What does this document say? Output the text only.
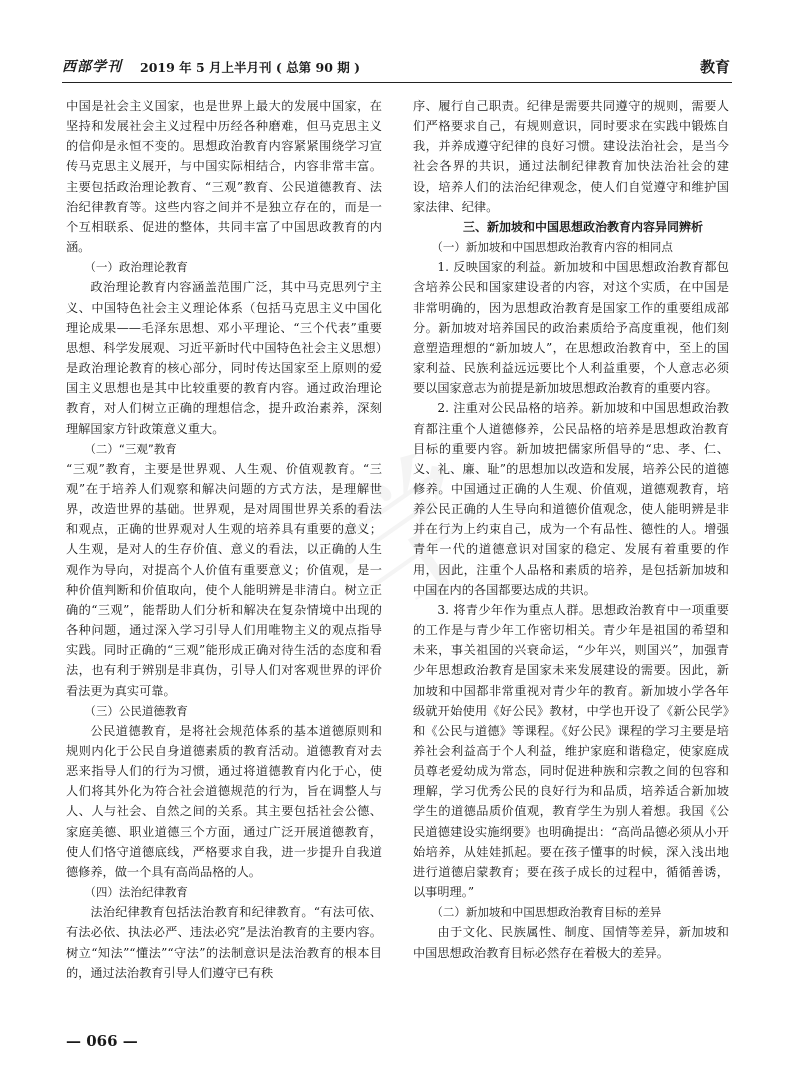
西部学刊 2019 年 5 月上半月刊 ( 总第 90 期 )	教育

中国是社会主义国家，也是世界上最大的发展中国家，在坚持和发展社会主义过程中历经各种磨难，但马克思主义的信仰是永恒不变的。思想政治教育内容紧紧围绕学习宣传马克思主义展开，与中国实际相结合，内容非常丰富。主要包括政治理论教育、“三观”教育、公民道德教育、法治纪律教育等。这些内容之间并不是独立存在的，而是一个互相联系、促进的整体，共同丰富了中国思政教育的内涵。

（一）政治理论教育

政治理论教育内容涵盖范围广泛，其中马克思列宁主义、中国特色社会主义理论体系（包括马克思主义中国化理论成果——毛泽东思想、邓小平理论、“三个代表”重要思想、科学发展观、习近平新时代中国特色社会主义思想）是政治理论教育的核心部分，同时传达国家至上原则的爱国主义思想也是其中比较重要的教育内容。通过政治理论教育，对人们树立正确的理想信念，提升政治素养，深刻理解国家方针政策意义重大。

（二）“三观”教育

“三观”教育，主要是世界观、人生观、价值观教育。“三观”在于培养人们观察和解决问题的方式方法，是理解世界，改造世界的基础。世界观，是对周围世界关系的看法和观点，正确的世界观对人生观的培养具有重要的意义；人生观，是对人的生存价值、意义的看法，以正确的人生观作为导向，对提高个人价值有重要意义；价值观，是一种价值判断和价值取向，使个人能明辨是非清白。树立正确的“三观”，能帮助人们分析和解决在复杂情境中出现的各种问题，通过深入学习引导人们用唯物主义的观点指导实践。同时正确的“三观”能形成正确对待生活的态度和看法，也有利于辨别是非真伪，引导人们对客观世界的评价看法更为真实可靠。

（三）公民道德教育

公民道德教育，是将社会规范体系的基本道德原则和规则内化于公民自身道德素质的教育活动。道德教育对去恶来指导人们的行为习惯，通过将道德教育内化于心，使人们将其外化为符合社会道德规范的行为，旨在调整人与人、人与社会、自然之间的关系。其主要包括社会公德、家庭美德、职业道德三个方面，通过广泛开展道德教育，使人们恪守道德底线，严格要求自我，进一步提升自我道德修养，做一个具有高尚品格的人。

（四）法治纪律教育

法治纪律教育包括法治教育和纪律教育。“有法可依、有法必依、执法必严、违法必究”是法治教育的主要内容。树立“知法”“懂法”“守法”的法制意识是法治教育的根本目的，通过法治教育引导人们遵守已有秩

序、履行自己职责。纪律是需要共同遵守的规则，需要人们严格要求自己，有规则意识，同时要求在实践中锻炼自我，并养成遵守纪律的良好习惯。建设法治社会，是当今社会各界的共识，通过法制纪律教育加快法治社会的建设，培养人们的法治纪律观念，使人们自觉遵守和维护国家法律、纪律。

三、新加坡和中国思想政治教育内容异同辨析

（一）新加坡和中国思想政治教育内容的相同点

1. 反映国家的利益。新加坡和中国思想政治教育都包含培养公民和国家建设者的内容，对这个实质，在中国是非常明确的，因为思想政治教育是国家工作的重要组成部分。新加坡对培养国民的政治素质给予高度重视，他们刻意塑造理想的“新加坡人”，在思想政治教育中，至上的国家利益、民族利益远远要比个人利益重要，个人意志必须要以国家意志为前提是新加坡思想政治教育的重要内容。

2. 注重对公民品格的培养。新加坡和中国思想政治教育都注重个人道德修养，公民品格的培养是思想政治教育目标的重要内容。新加坡把儒家所倡导的“忠、孝、仁、义、礼、廉、耻”的思想加以改造和发展，培养公民的道德修养。中国通过正确的人生观、价值观，道德观教育，培养公民正确的人生导向和道德价值观念，使人能明辨是非并在行为上约束自己，成为一个有品性、德性的人。增强青年一代的道德意识对国家的稳定、发展有着重要的作用，因此，注重个人品格和素质的培养，是包括新加坡和中国在内的各国都要达成的共识。

3. 将青少年作为重点人群。思想政治教育中一项重要的工作是与青少年工作密切相关。青少年是祖国的希望和未来，事关祖国的兴衰命运，“少年兴，则国兴”，加强青少年思想政治教育是国家未来发展建设的需要。因此，新加坡和中国都非常重视对青少年的教育。新加坡小学各年级就开始使用《好公民》教材，中学也开设了《新公民学》和《公民与道德》等课程。《好公民》课程的学习主要是培养社会利益高于个人利益，维护家庭和谐稳定，使家庭成员尊老爱幼成为常态，同时促进种族和宗教之间的包容和理解，学习优秀公民的良好行为和品质，培养适合新加坡学生的道德品质价值观，教育学生为别人着想。我国《公民道德建设实施纲要》也明确提出：“高尚品德必须从小开始培养，从娃娃抓起。要在孩子懂事的时候，深入浅出地进行道德启蒙教育；要在孩子成长的过程中，循循善诱，以事明理。”

（二）新加坡和中国思想政治教育目标的差异

由于文化、民族属性、制度、国情等差异，新加坡和中国思想政治教育目标必然存在着极大的差异。

— 066 —
